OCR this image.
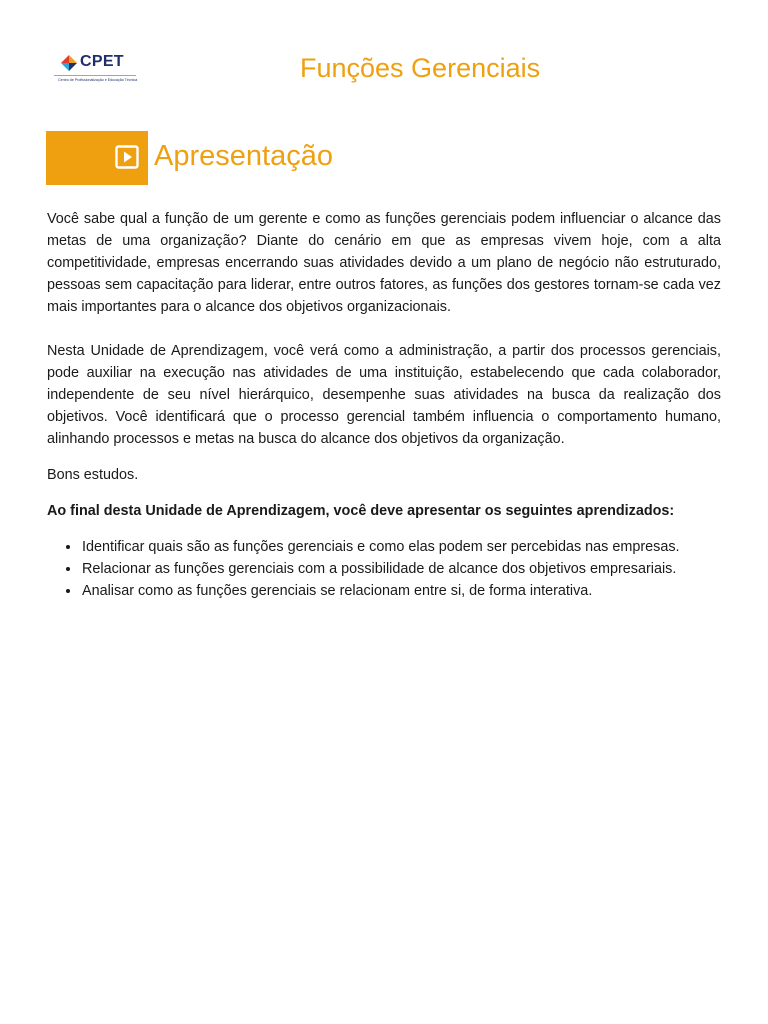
CPET
Centro de Profissionalização e Educação Técnica	Funções Gerenciais
Apresentação

Você sabe qual a função de um gerente e como as funções gerenciais podem influenciar o alcance das metas de uma organização? Diante do cenário em que as empresas vivem hoje, com a alta competitividade, empresas encerrando suas atividades devido a um plano de negócio não estruturado, pessoas sem capacitação para liderar, entre outros fatores, as funções dos gestores tornam-se cada vez mais importantes para o alcance dos objetivos organizacionais.

Nesta Unidade de Aprendizagem, você verá como a administração, a partir dos processos gerenciais, pode auxiliar na execução nas atividades de uma instituição, estabelecendo que cada colaborador, independente de seu nível hierárquico, desempenhe suas atividades na busca da realização dos objetivos. Você identificará que o processo gerencial também influencia o comportamento humano, alinhando processos e metas na busca do alcance dos objetivos da organização.

Bons estudos.

Ao final desta Unidade de Aprendizagem, você deve apresentar os seguintes aprendizados:

• Identificar quais são as funções gerenciais e como elas podem ser percebidas nas empresas.
• Relacionar as funções gerenciais com a possibilidade de alcance dos objetivos empresariais.
• Analisar como as funções gerenciais se relacionam entre si, de forma interativa.
